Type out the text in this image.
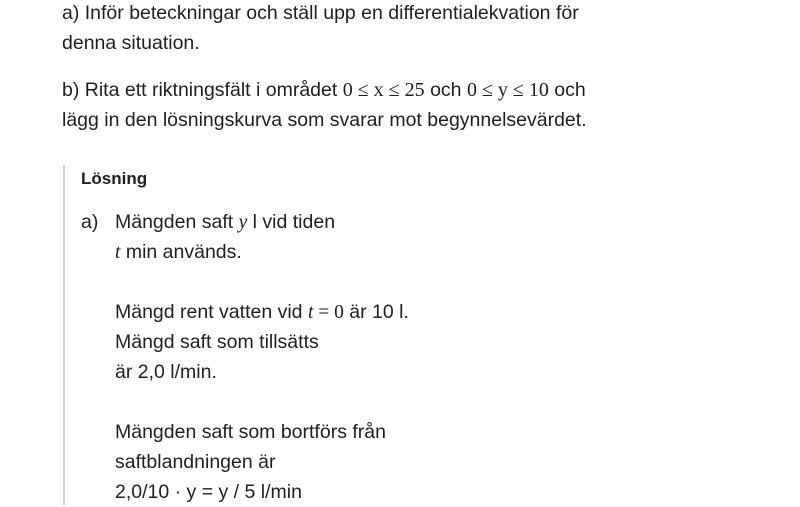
a) Inför beteckningar och ställ upp en differentialekvation för
denna situation.

b) Rita ett riktningsfält i området 0 ≤ x ≤ 25 och 0 ≤ y ≤ 10 och
lägg in den lösningskurva som svarar mot begynnelsevärdet.

Lösning
a) Mängden saft y l vid tiden
t min används.
Mängd rent vatten vid t = 0 är 10 l.
Mängd saft som tillsätts
är 2,0 l/min.
Mängden saft som bortförs från
saftblandningen är
2,0/10 · y = y / 5 l/min
